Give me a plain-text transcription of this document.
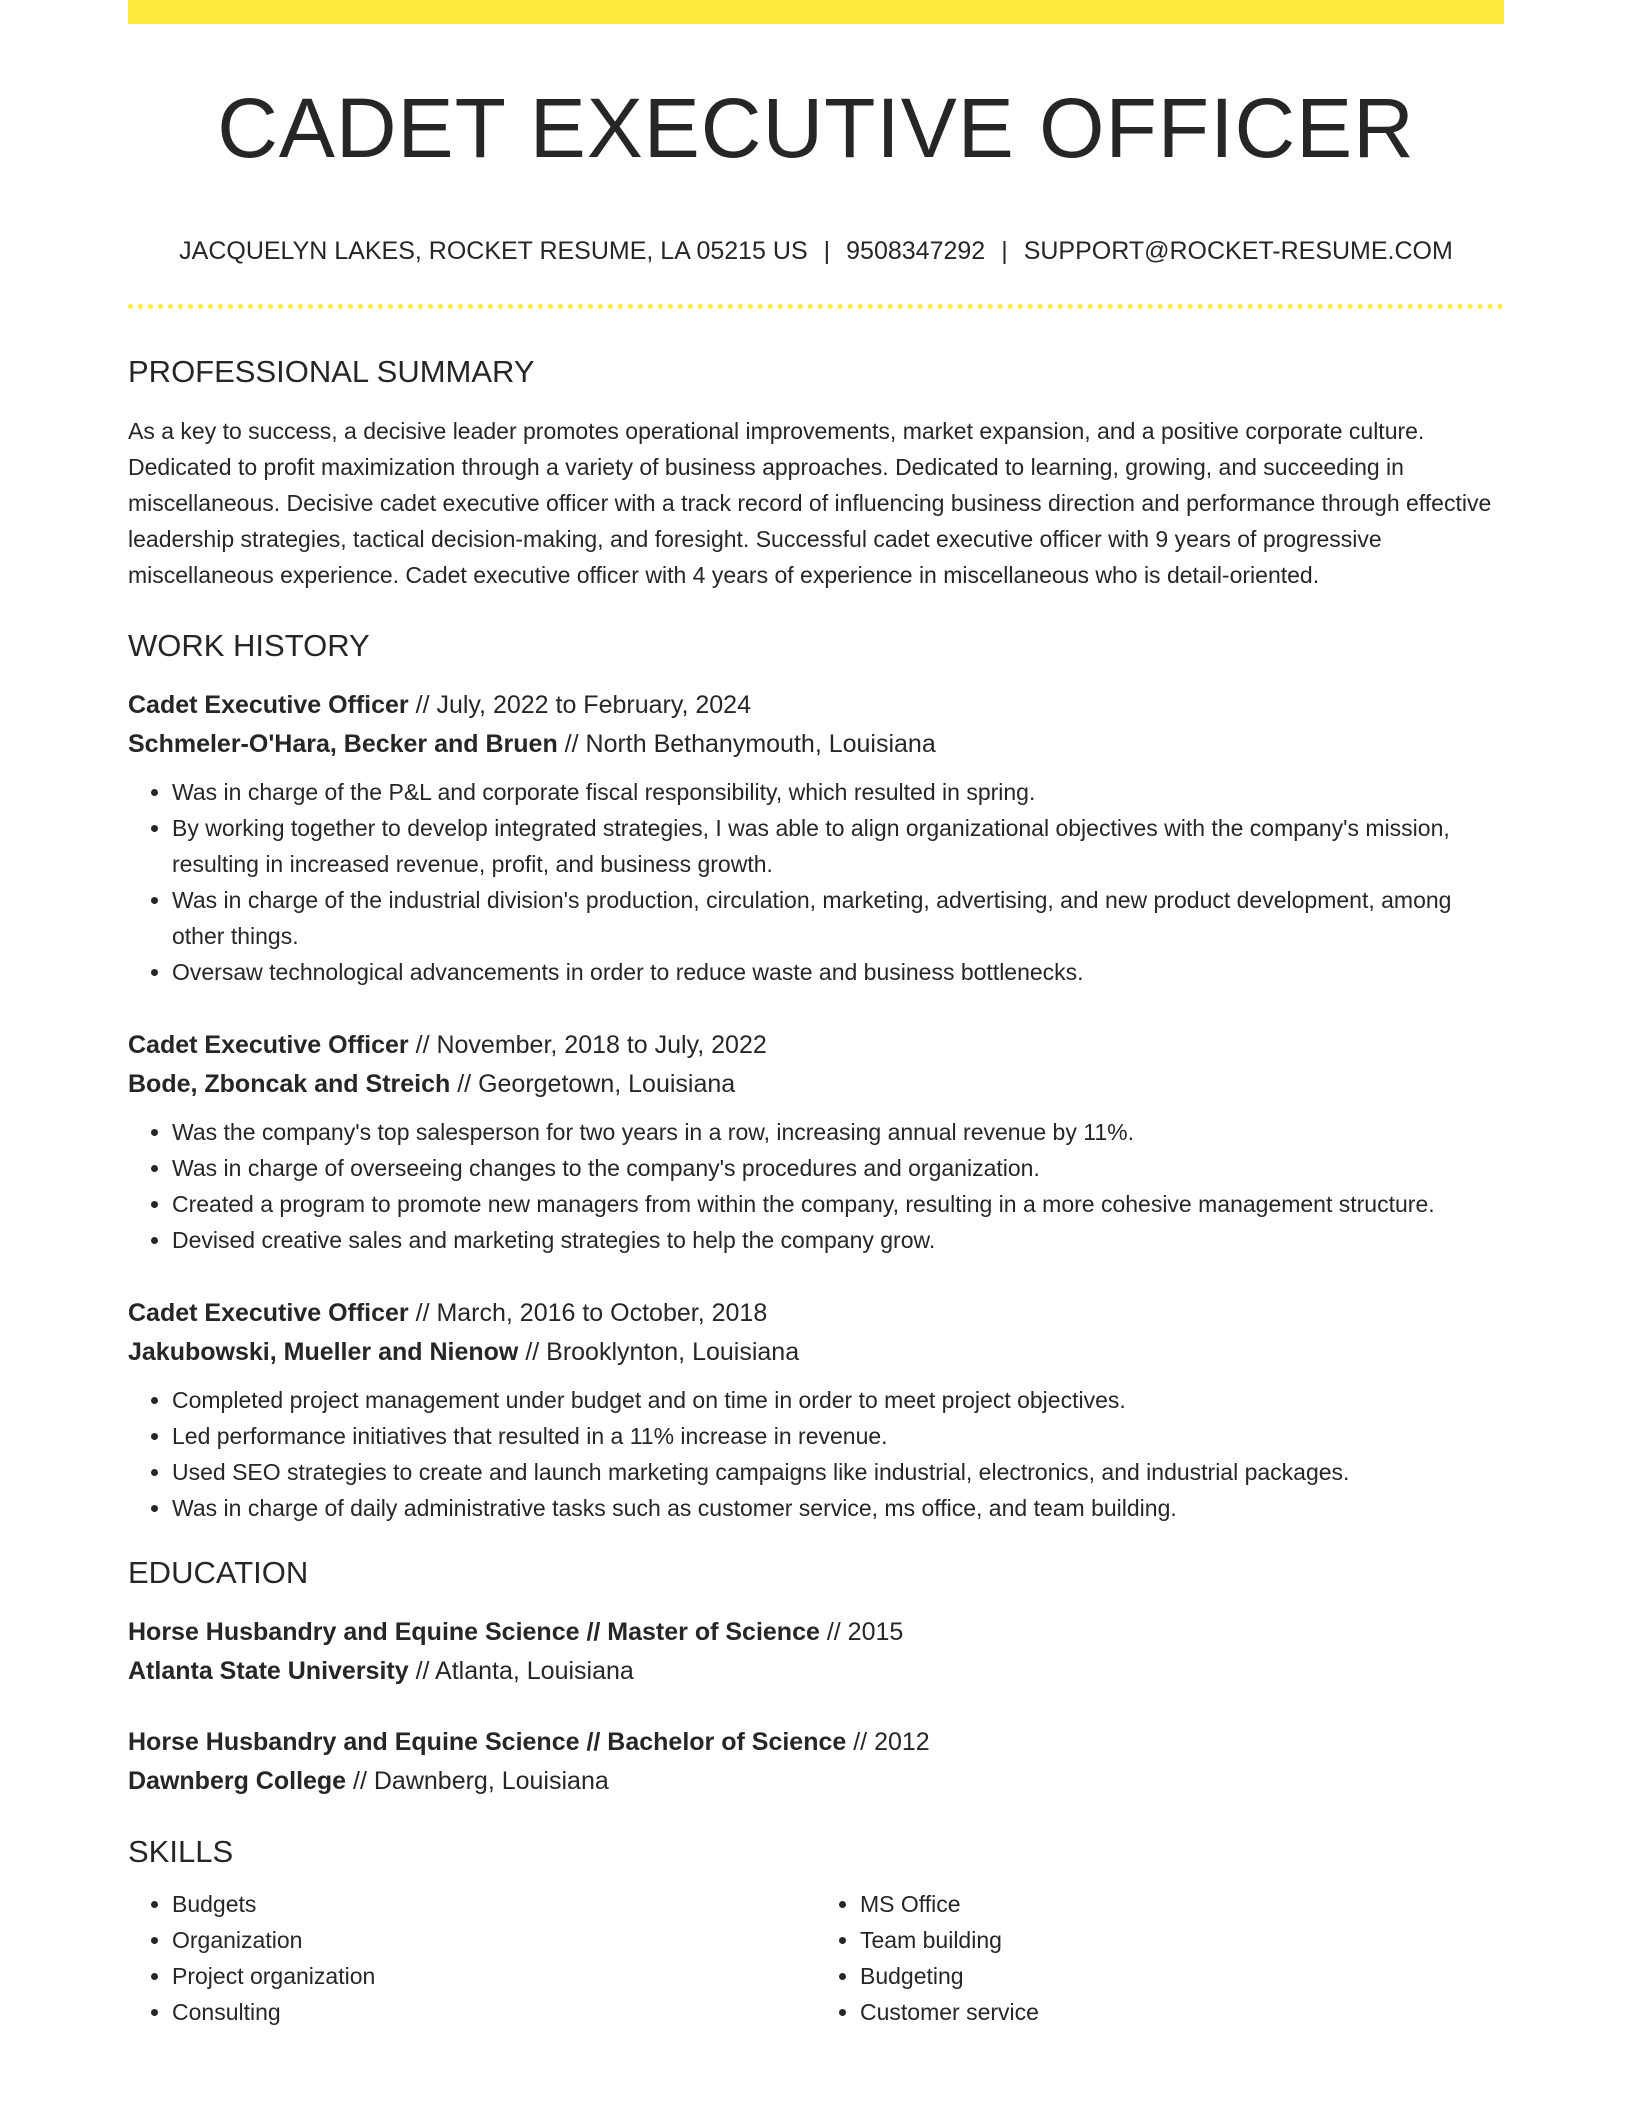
CADET EXECUTIVE OFFICER
JACQUELYN LAKES, ROCKET RESUME, LA 05215 US | 9508347292 | SUPPORT@ROCKET-RESUME.COM
PROFESSIONAL SUMMARY
As a key to success, a decisive leader promotes operational improvements, market expansion, and a positive corporate culture. Dedicated to profit maximization through a variety of business approaches. Dedicated to learning, growing, and succeeding in miscellaneous. Decisive cadet executive officer with a track record of influencing business direction and performance through effective leadership strategies, tactical decision-making, and foresight. Successful cadet executive officer with 9 years of progressive miscellaneous experience. Cadet executive officer with 4 years of experience in miscellaneous who is detail-oriented.
WORK HISTORY
Cadet Executive Officer // July, 2022 to February, 2024
Schmeler-O'Hara, Becker and Bruen // North Bethanymouth, Louisiana
• Was in charge of the P&L and corporate fiscal responsibility, which resulted in spring.
• By working together to develop integrated strategies, I was able to align organizational objectives with the company's mission, resulting in increased revenue, profit, and business growth.
• Was in charge of the industrial division's production, circulation, marketing, advertising, and new product development, among other things.
• Oversaw technological advancements in order to reduce waste and business bottlenecks.
Cadet Executive Officer // November, 2018 to July, 2022
Bode, Zboncak and Streich // Georgetown, Louisiana
• Was the company's top salesperson for two years in a row, increasing annual revenue by 11%.
• Was in charge of overseeing changes to the company's procedures and organization.
• Created a program to promote new managers from within the company, resulting in a more cohesive management structure.
• Devised creative sales and marketing strategies to help the company grow.
Cadet Executive Officer // March, 2016 to October, 2018
Jakubowski, Mueller and Nienow // Brooklynton, Louisiana
• Completed project management under budget and on time in order to meet project objectives.
• Led performance initiatives that resulted in a 11% increase in revenue.
• Used SEO strategies to create and launch marketing campaigns like industrial, electronics, and industrial packages.
• Was in charge of daily administrative tasks such as customer service, ms office, and team building.
EDUCATION
Horse Husbandry and Equine Science // Master of Science // 2015
Atlanta State University // Atlanta, Louisiana
Horse Husbandry and Equine Science // Bachelor of Science // 2012
Dawnberg College // Dawnberg, Louisiana
SKILLS
• Budgets
• Organization
• Project organization
• Consulting
• MS Office
• Team building
• Budgeting
• Customer service
